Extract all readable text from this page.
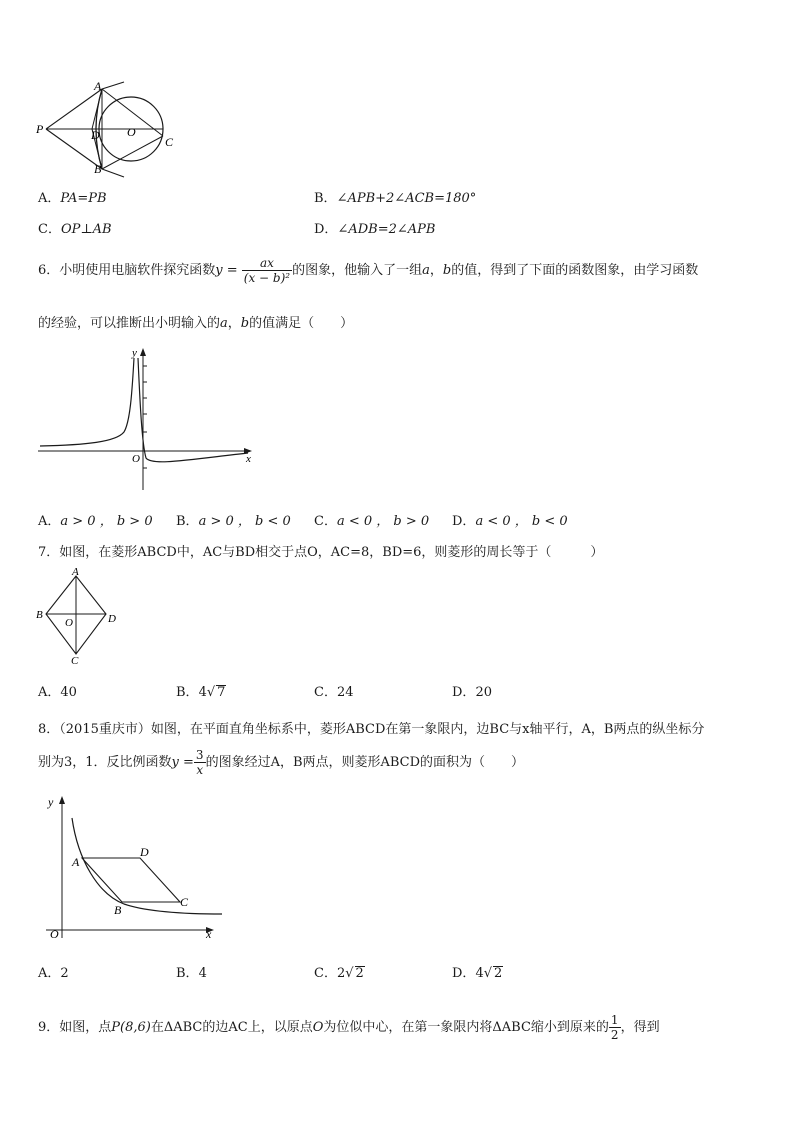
A
P	D O
C
B
A．PA=PB	B．∠APB+2∠ACB=180°
C．OP⊥AB	D．∠ADB=2∠APB
6．小明使用电脑软件探究函数$y = \frac{ax}{\text{(x − b)²}}$ 的图象，他输入了一组a，b的值，得到了下面的函数图象，由学习函数
的经验，可以推断出小明输入的a，b的值满足（　　）
y
O	x
A．a > 0 ， b > 0 B．a > 0 ， b < 0 C．a < 0 ， b > 0 D．a < 0 ， b < 0
7．如图，在菱形ABCD中，AC与BD相交于点O，AC=8，BD=6，则菱形的周长等于（　　　）
A
B
O	D
C
A．40	B．4√ 7	C．24	D．20
8．（2015重庆市）如图，在平面直角坐标系中，菱形ABCD在第一象限内，边BC与x轴平行，A，B两点的纵坐标分
别为3，1．反比例函数$y = \frac{3}{x}$ 的图象经过A，B两点，则菱形ABCD的面积为（　　）
y
A
D
B
C
O	x
A．2	B．4	C．2√ 2	D．4√ 2
9．如图，点P(8,6)在ΔABC的边AC上，以原点O为位似中心，在第一象限内将ΔABC缩小到原来的 $\frac{1}{2}$ ，得到
